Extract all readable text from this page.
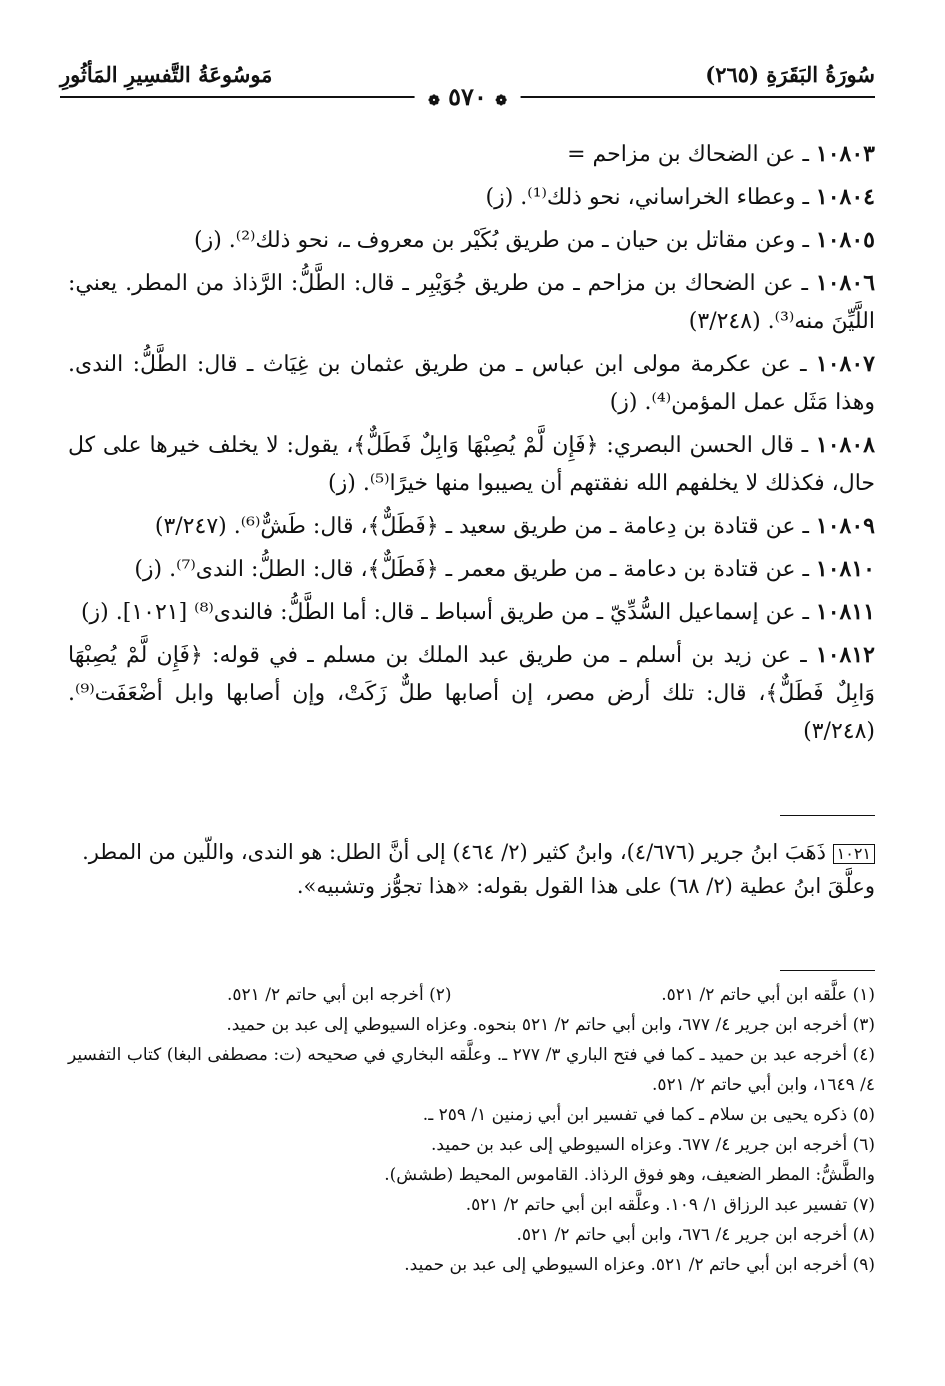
سُورَةُ البَقَرَةِ (٢٦٥)
مَوسُوعَةُ التَّفسِيرِ المَأثُورِ
❁ ٥٧٠ ❁

١٠٨٠٣ ـ عن الضحاك بن مزاحم =

١٠٨٠٤ ـ وعطاء الخراساني، نحو ذلك⁽¹⁾. (ز)

١٠٨٠٥ ـ وعن مقاتل بن حيان ـ من طريق بُكَيْر بن معروف ـ، نحو ذلك⁽²⁾. (ز)

١٠٨٠٦ ـ عن الضحاك بن مزاحم ـ من طريق جُوَيْبِر ـ قال: الطَّلُّ: الرَّذاذ من المطر. يعني: اللَّيِّنَ منه⁽³⁾. (٣/٢٤٨)

١٠٨٠٧ ـ عن عكرمة مولى ابن عباس ـ من طريق عثمان بن غِيَاث ـ قال: الطَّلُّ: الندى. وهذا مَثَل عمل المؤمن⁽⁴⁾. (ز)

١٠٨٠٨ ـ قال الحسن البصري: ﴿فَإِن لَّمْ يُصِبْهَا وَابِلٌ فَطَلٌّ﴾، يقول: لا يخلف خيرها على كل حال، فكذلك لا يخلفهم الله نفقتهم أن يصيبوا منها خيرًا⁽⁵⁾. (ز)

١٠٨٠٩ ـ عن قتادة بن دِعامة ـ من طريق سعيد ـ ﴿فَطَلٌّ﴾، قال: طَشٌّ⁽⁶⁾. (٣/٢٤٧)

١٠٨١٠ ـ عن قتادة بن دعامة ـ من طريق معمر ـ ﴿فَطَلٌّ﴾، قال: الطلُّ: الندى⁽⁷⁾. (ز)

١٠٨١١ ـ عن إسماعيل السُّدِّيّ ـ من طريق أسباط ـ قال: أما الطَّلُّ: فالندى⁽⁸⁾ [١٠٢١]. (ز)

١٠٨١٢ ـ عن زيد بن أسلم ـ من طريق عبد الملك بن مسلم ـ في قوله: ﴿فَإِن لَّمْ يُصِبْهَا وَابِلٌ فَطَلٌّ﴾، قال: تلك أرض مصر، إن أصابها طلٌّ زَكَتْ، وإن أصابها وابل أضْعَفَت⁽⁹⁾. (٣/٢٤٨)

١٠٢١ ذَهَبَ ابنُ جرير (٤/٦٧٦)، وابنُ كثير (٢/ ٤٦٤) إلى أنَّ الطل: هو الندى، واللّين من المطر.
وعلَّقَ ابنُ عطية (٢/ ٦٨) على هذا القول بقوله: «هذا تجوُّز وتشبيه».
(١) علَّقه ابن أبي حاتم ٢/ ٥٢١.
(٢) أخرجه ابن أبي حاتم ٢/ ٥٢١.
(٣) أخرجه ابن جرير ٤/ ٦٧٧، وابن أبي حاتم ٢/ ٥٢١ بنحوه. وعزاه السيوطي إلى عبد بن حميد.
(٤) أخرجه عبد بن حميد ـ كما في فتح الباري ٣/ ٢٧٧ ـ. وعلَّقه البخاري في صحيحه (ت: مصطفى البغا) كتاب التفسير ٤/ ١٦٤٩، وابن أبي حاتم ٢/ ٥٢١.
(٥) ذكره يحيى بن سلام ـ كما في تفسير ابن أبي زمنين ١/ ٢٥٩ ـ.
(٦) أخرجه ابن جرير ٤/ ٦٧٧. وعزاه السيوطي إلى عبد بن حميد.
والطَّشُّ: المطر الضعيف، وهو فوق الرذاذ. القاموس المحيط (طشش).
(٧) تفسير عبد الرزاق ١/ ١٠٩. وعلَّقه ابن أبي حاتم ٢/ ٥٢١.
(٨) أخرجه ابن جرير ٤/ ٦٧٦، وابن أبي حاتم ٢/ ٥٢١.
(٩) أخرجه ابن أبي حاتم ٢/ ٥٢١. وعزاه السيوطي إلى عبد بن حميد.
